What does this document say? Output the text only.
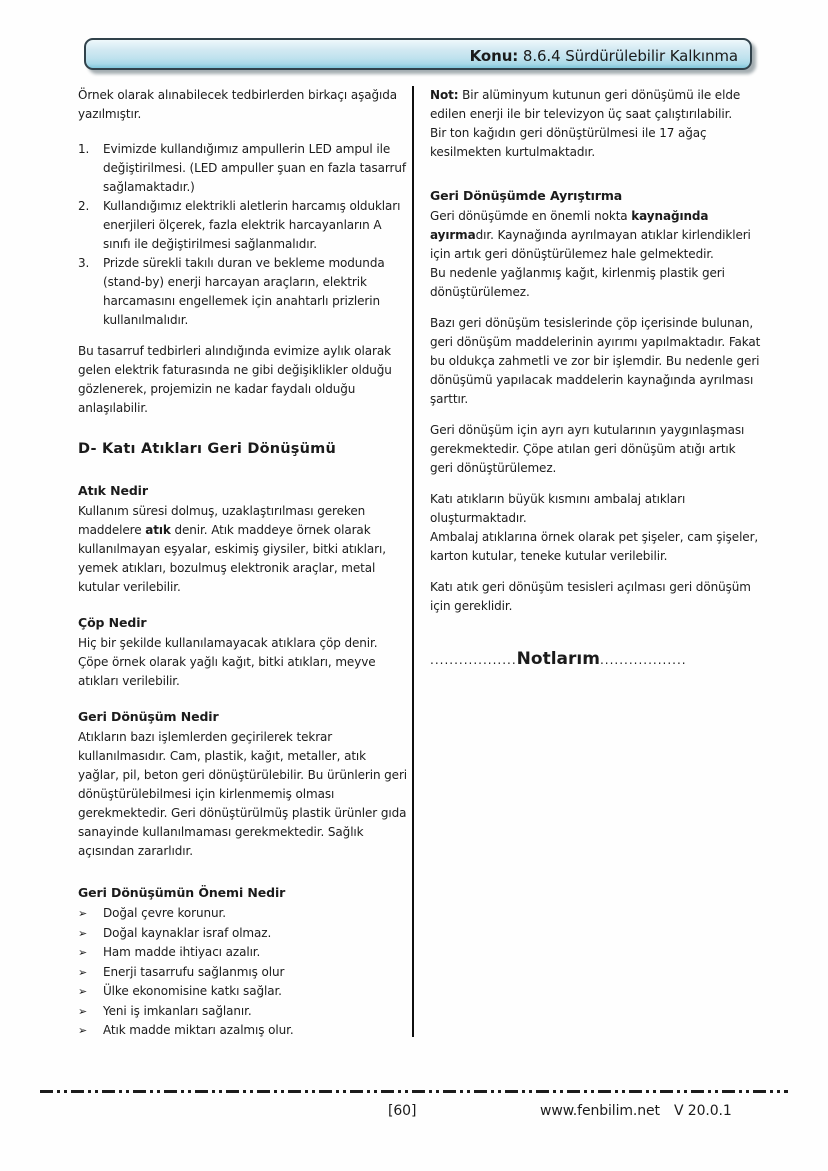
Konu: 8.6.4 Sürdürülebilir Kalkınma

Örnek olarak alınabilecek tedbirlerden birkaçı aşağıda yazılmıştır.

1.	Evimizde kullandığımız ampullerin LED ampul ile değiştirilmesi. (LED ampuller şuan en fazla tasarruf sağlamaktadır.)
2.	Kullandığımız elektrikli aletlerin harcamış oldukları enerjileri ölçerek, fazla elektrik harcayanların A sınıfı ile değiştirilmesi sağlanmalıdır.
3.	Prizde sürekli takılı duran ve bekleme modunda (stand-by) enerji harcayan araçların, elektrik harcamasını engellemek için anahtarlı prizlerin kullanılmalıdır.

Bu tasarruf tedbirleri alındığında evimize aylık olarak gelen elektrik faturasında ne gibi değişiklikler olduğu gözlenerek, projemizin ne kadar faydalı olduğu anlaşılabilir.

D- Katı Atıkları Geri Dönüşümü
Atık Nedir

Kullanım süresi dolmuş, uzaklaştırılması gereken maddelere atık denir. Atık maddeye örnek olarak kullanılmayan eşyalar, eskimiş giysiler, bitki atıkları, yemek atıkları, bozulmuş elektronik araçlar, metal kutular verilebilir.

Çöp Nedir

Hiç bir şekilde kullanılamayacak atıklara çöp denir. Çöpe örnek olarak yağlı kağıt, bitki atıkları, meyve atıkları verilebilir.

Geri Dönüşüm Nedir

Atıkların bazı işlemlerden geçirilerek tekrar kullanılmasıdır. Cam, plastik, kağıt, metaller, atık yağlar, pil, beton geri dönüştürülebilir. Bu ürünlerin geri dönüştürülebilmesi için kirlenmemiş olması gerekmektedir. Geri dönüştürülmüş plastik ürünler gıda sanayinde kullanılmaması gerekmektedir. Sağlık açısından zararlıdır.

Geri Dönüşümün Önemi Nedir
➢	Doğal çevre korunur.
➢	Doğal kaynaklar israf olmaz.
➢	Ham madde ihtiyacı azalır.
➢	Enerji tasarrufu sağlanmış olur
➢	Ülke ekonomisine katkı sağlar.
➢	Yeni iş imkanları sağlanır.
➢	Atık madde miktarı azalmış olur.

Not: Bir alüminyum kutunun geri dönüşümü ile elde edilen enerji ile bir televizyon üç saat çalıştırılabilir.

Bir ton kağıdın geri dönüştürülmesi ile 17 ağaç kesilmekten kurtulmaktadır.

Geri Dönüşümde Ayrıştırma

Geri dönüşümde en önemli nokta kaynağında ayırmadır. Kaynağında ayrılmayan atıklar kirlendikleri için artık geri dönüştürülemez hale gelmektedir.

Bu nedenle yağlanmış kağıt, kirlenmiş plastik geri dönüştürülemez.

Bazı geri dönüşüm tesislerinde çöp içerisinde bulunan, geri dönüşüm maddelerinin ayırımı yapılmaktadır. Fakat bu oldukça zahmetli ve zor bir işlemdir. Bu nedenle geri dönüşümü yapılacak maddelerin kaynağında ayrılması şarttır.

Geri dönüşüm için ayrı ayrı kutularının yaygınlaşması gerekmektedir. Çöpe atılan geri dönüşüm atığı artık geri dönüştürülemez.

Katı atıkların büyük kısmını ambalaj atıkları oluşturmaktadır.

Ambalaj atıklarına örnek olarak pet şişeler, cam şişeler, karton kutular, teneke kutular verilebilir.

Katı atık geri dönüşüm tesisleri açılması geri dönüşüm için gereklidir.

..................Notlarım..................
[60]	www.fenbilim.net V 20.0.1
